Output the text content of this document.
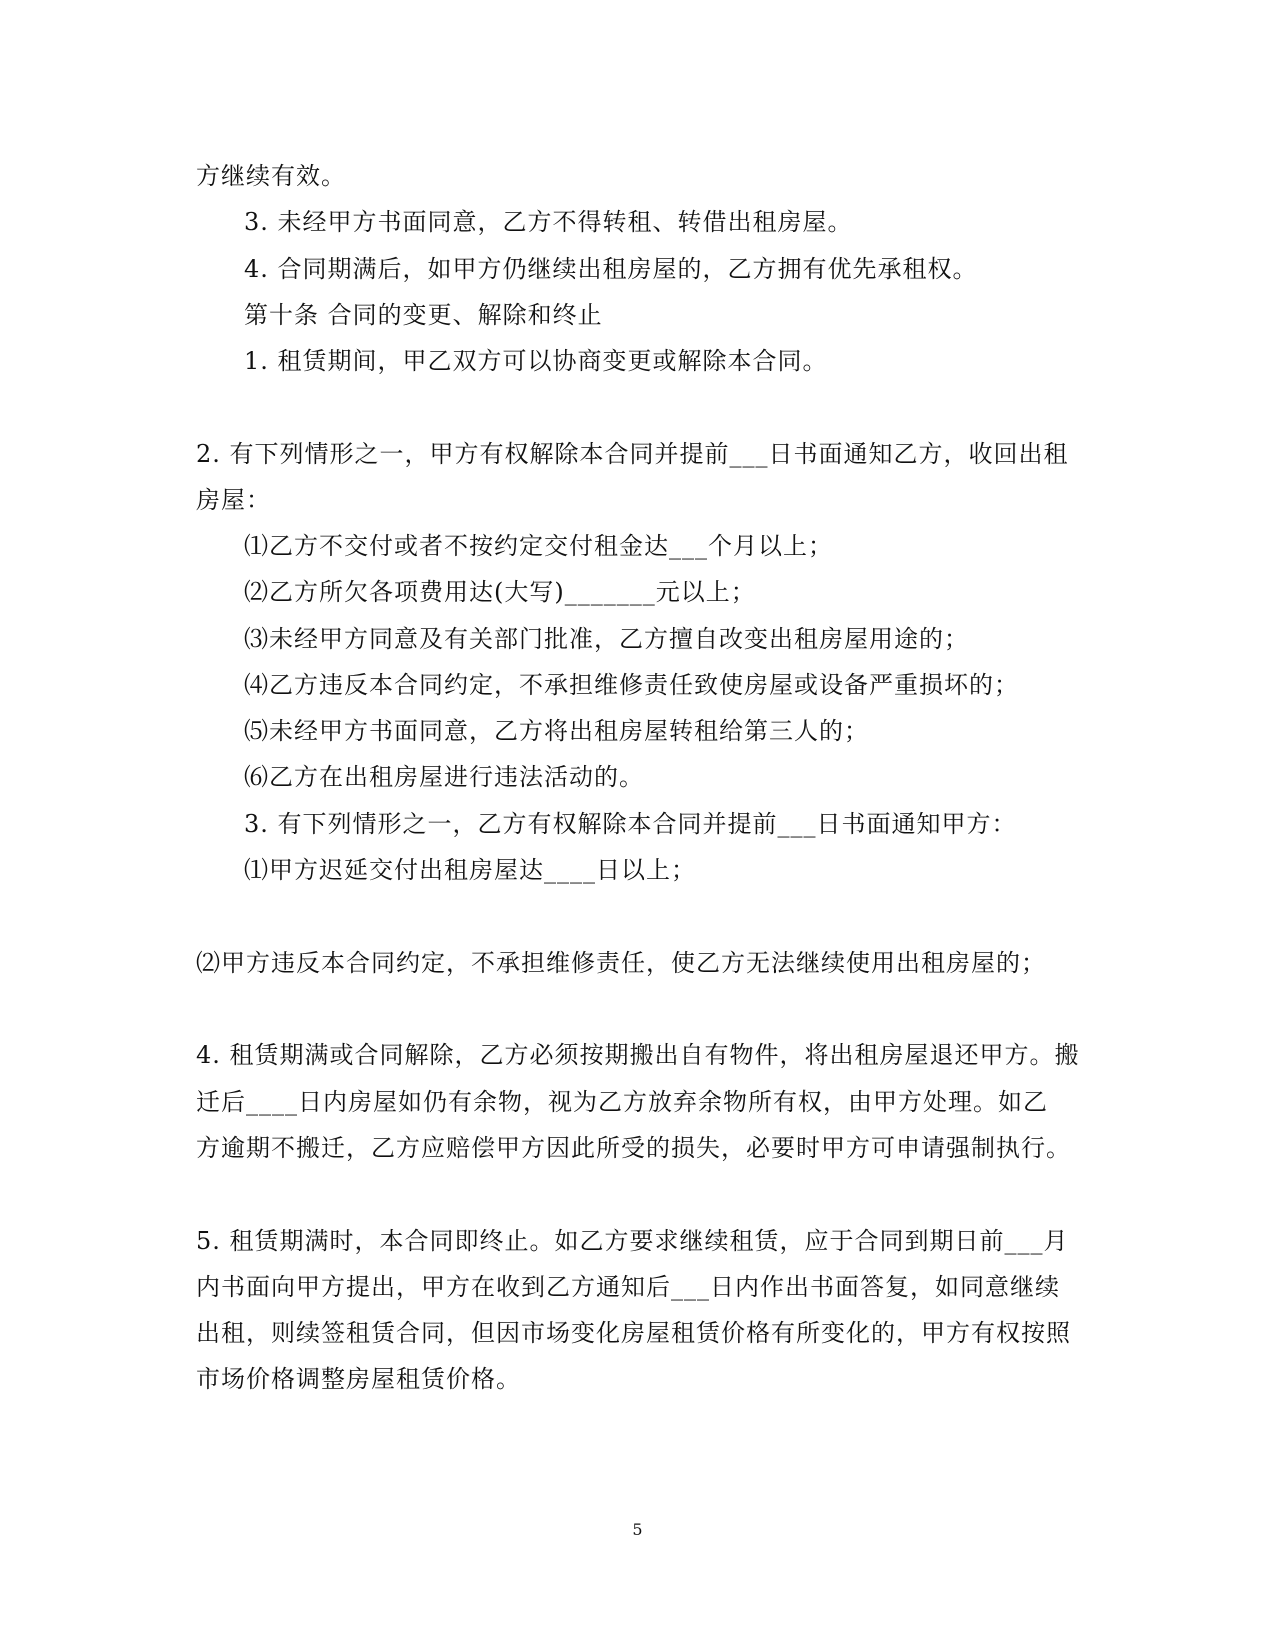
方继续有效。
3. 未经甲方书面同意，乙方不得转租、转借出租房屋。
4. 合同期满后，如甲方仍继续出租房屋的，乙方拥有优先承租权。
第十条 合同的变更、解除和终止
1. 租赁期间，甲乙双方可以协商变更或解除本合同。
2. 有下列情形之一，甲方有权解除本合同并提前___日书面通知乙方，收回出租
房屋：
⑴乙方不交付或者不按约定交付租金达___个月以上；
⑵乙方所欠各项费用达(大写)_______元以上；
⑶未经甲方同意及有关部门批准，乙方擅自改变出租房屋用途的；
⑷乙方违反本合同约定，不承担维修责任致使房屋或设备严重损坏的；
⑸未经甲方书面同意，乙方将出租房屋转租给第三人的；
⑹乙方在出租房屋进行违法活动的。
3. 有下列情形之一，乙方有权解除本合同并提前___日书面通知甲方：
⑴甲方迟延交付出租房屋达____日以上；
⑵甲方违反本合同约定，不承担维修责任，使乙方无法继续使用出租房屋的；
4. 租赁期满或合同解除，乙方必须按期搬出自有物件，将出租房屋退还甲方。搬
迁后____日内房屋如仍有余物，视为乙方放弃余物所有权，由甲方处理。如乙
方逾期不搬迁，乙方应赔偿甲方因此所受的损失，必要时甲方可申请强制执行。
5. 租赁期满时，本合同即终止。如乙方要求继续租赁，应于合同到期日前___月
内书面向甲方提出，甲方在收到乙方通知后___日内作出书面答复，如同意继续
出租，则续签租赁合同，但因市场变化房屋租赁价格有所变化的，甲方有权按照
市场价格调整房屋租赁价格。
5
